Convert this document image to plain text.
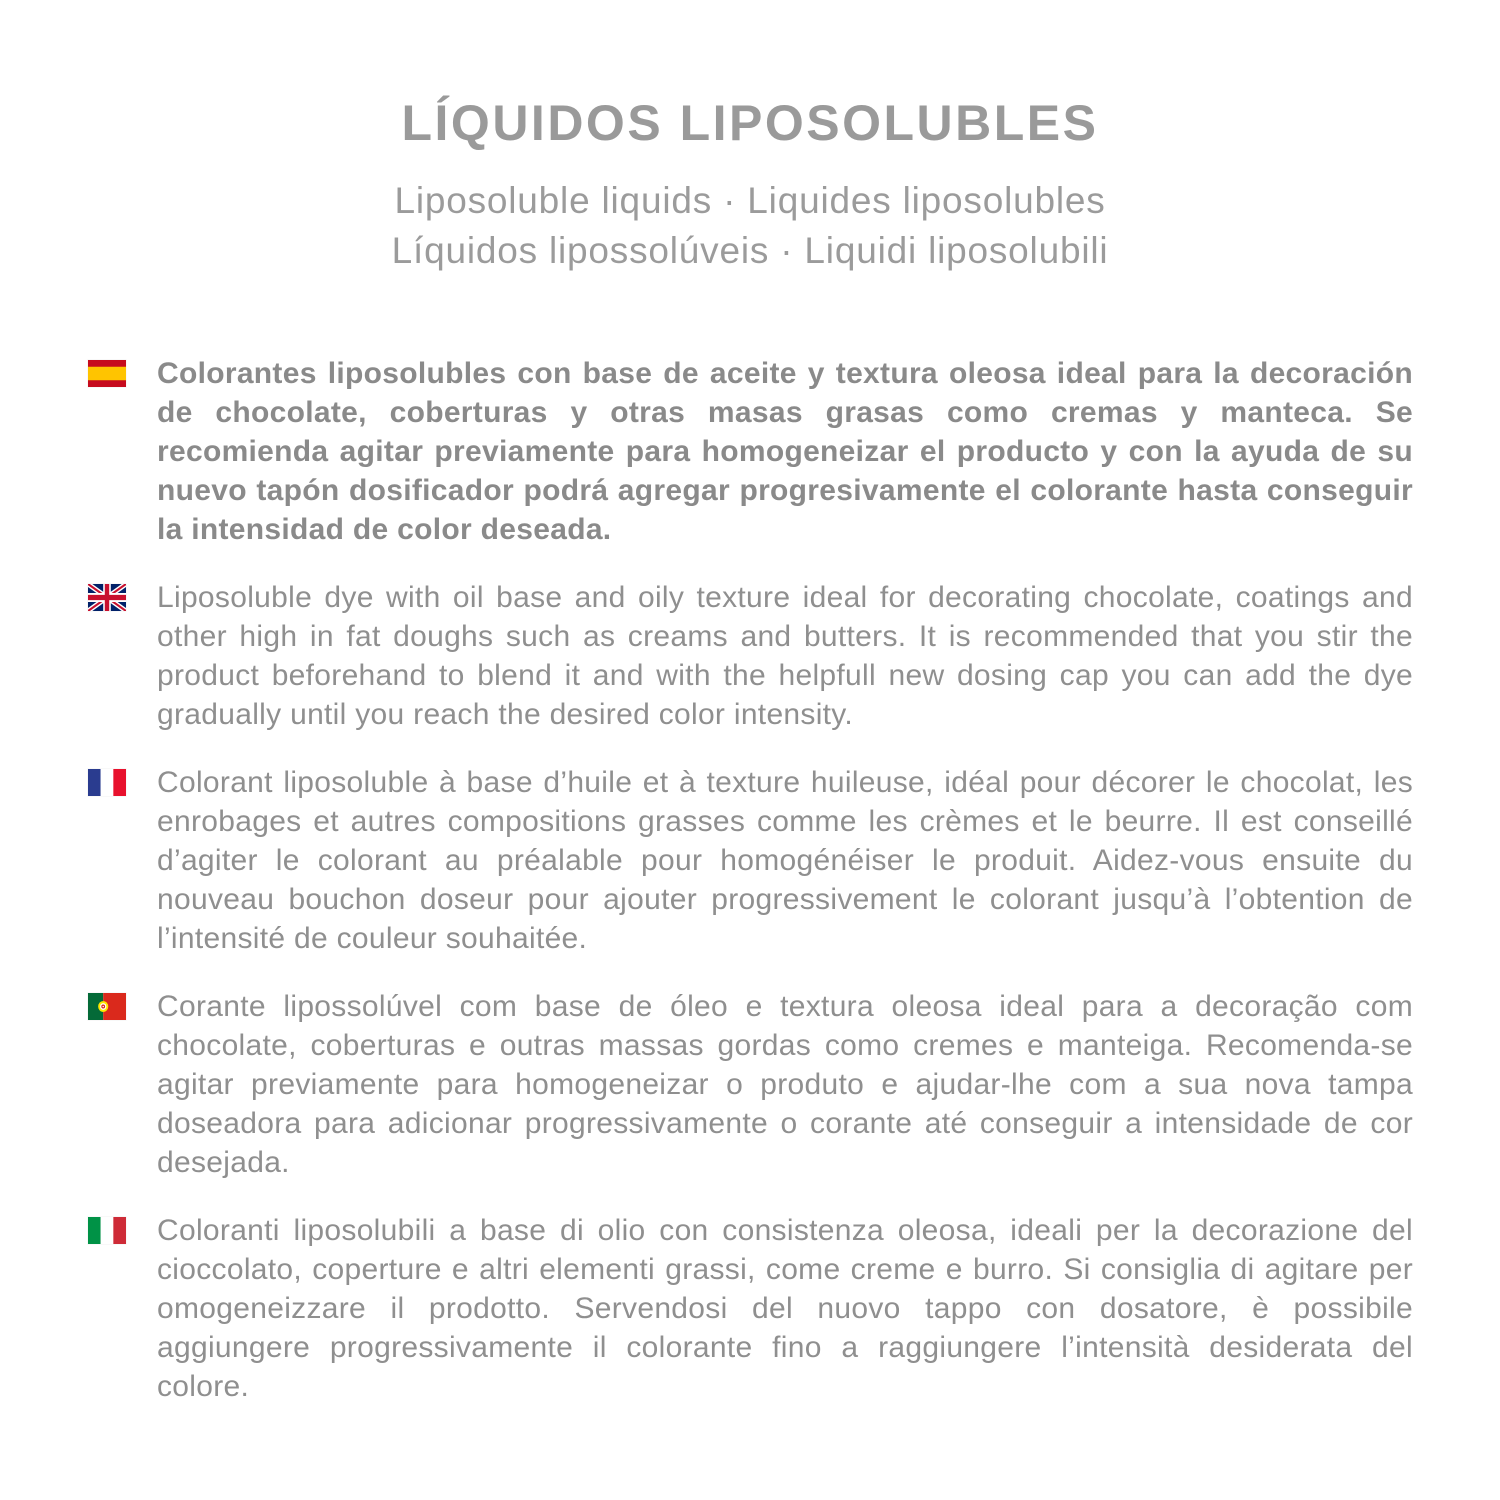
LÍQUIDOS LIPOSOLUBLES

Liposoluble liquids · Liquides liposolubles

Líquidos lipossolúveis · Liquidi liposolubili

Colorantes liposolubles con base de aceite y textura oleosa ideal para la decoración de chocolate, coberturas y otras masas grasas como cremas y manteca. Se recomienda agitar previamente para homogeneizar el producto y con la ayuda de su nuevo tapón dosificador podrá agregar progresivamente el colorante hasta conseguir la intensidad de color deseada.

Liposoluble dye with oil base and oily texture ideal for decorating chocolate, coatings and other high in fat doughs such as creams and butters. It is recommended that you stir the product beforehand to blend it and with the helpfull new dosing cap you can add the dye gradually until you reach the desired color intensity.

Colorant liposoluble à base d’huile et à texture huileuse, idéal pour décorer le chocolat, les enrobages et autres compositions grasses comme les crèmes et le beurre. Il est conseillé d’agiter le colorant au préalable pour homogénéiser le produit. Aidez-vous ensuite du nouveau bouchon doseur pour ajouter progressivement le colorant jusqu’à l’obtention de l’intensité de couleur souhaitée.

Corante lipossolúvel com base de óleo e textura oleosa ideal para a decoração com chocolate, coberturas e outras massas gordas como cremes e manteiga. Recomenda-se agitar previamente para homogeneizar o produto e ajudar-lhe com a sua nova tampa doseadora para adicionar progressivamente o corante até conseguir a intensidade de cor desejada.

Coloranti liposolubili a base di olio con consistenza oleosa, ideali per la decorazione del cioccolato, coperture e altri elementi grassi, come creme e burro. Si consiglia di agitare per omogeneizzare il prodotto. Servendosi del nuovo tappo con dosatore, è possibile aggiungere progressivamente il colorante fino a raggiungere l’intensità desiderata del colore.
